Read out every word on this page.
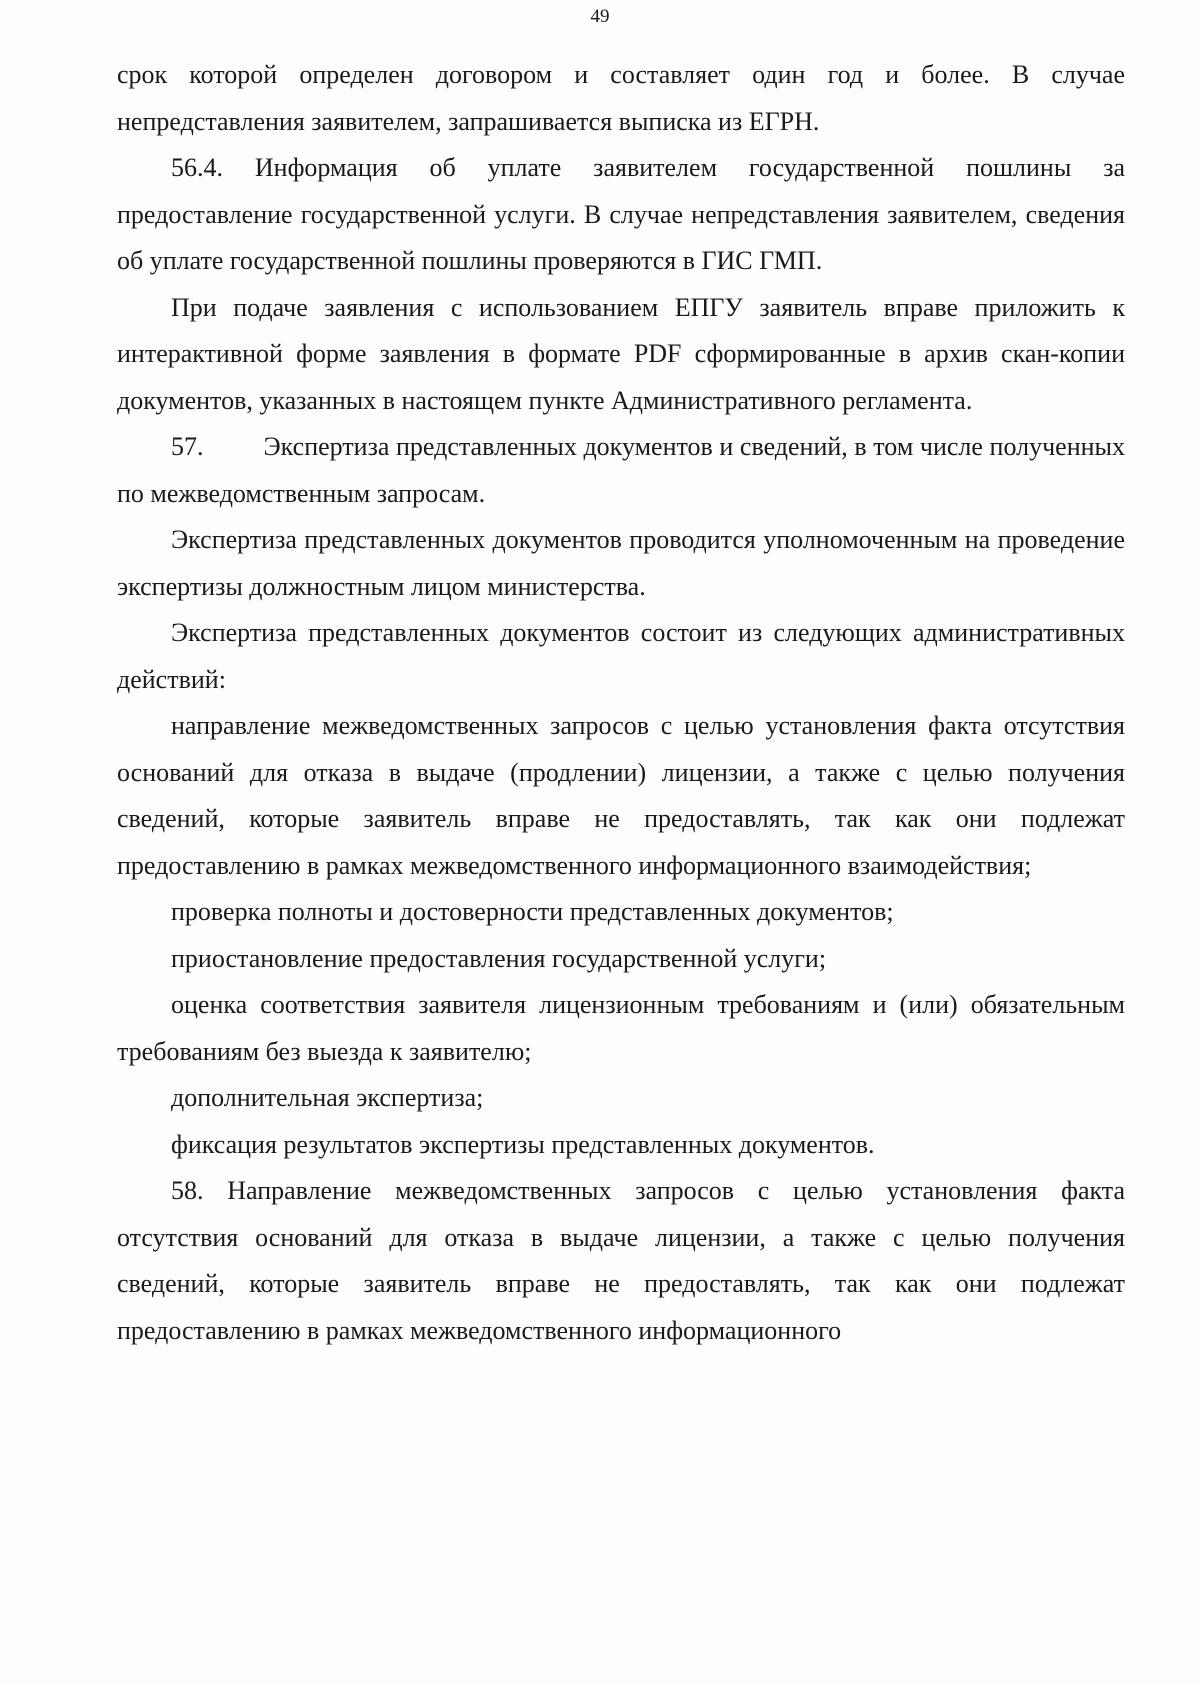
49

срок которой определен договором и составляет один год и более. В случае непредставления заявителем, запрашивается выписка из ЕГРН.

56.4. Информация об уплате заявителем государственной пошлины за предоставление государственной услуги. В случае непредставления заявителем, сведения об уплате государственной пошлины проверяются в ГИС ГМП.

При подаче заявления с использованием ЕПГУ заявитель вправе приложить к интерактивной форме заявления в формате PDF сформированные в архив скан-копии документов, указанных в настоящем пункте Административного регламента.

57. Экспертиза представленных документов и сведений, в том числе полученных по межведомственным запросам.

Экспертиза представленных документов проводится уполномоченным на проведение экспертизы должностным лицом министерства.

Экспертиза представленных документов состоит из следующих административных действий:

направление межведомственных запросов с целью установления факта отсутствия оснований для отказа в выдаче (продлении) лицензии, а также с целью получения сведений, которые заявитель вправе не предоставлять, так как они подлежат предоставлению в рамках межведомственного информационного взаимодействия;

проверка полноты и достоверности представленных документов;

приостановление предоставления государственной услуги;

оценка соответствия заявителя лицензионным требованиям и (или) обязательным требованиям без выезда к заявителю;

дополнительная экспертиза;

фиксация результатов экспертизы представленных документов.

58. Направление межведомственных запросов с целью установления факта отсутствия оснований для отказа в выдаче лицензии, а также с целью получения сведений, которые заявитель вправе не предоставлять, так как они подлежат предоставлению в рамках межведомственного информационного
